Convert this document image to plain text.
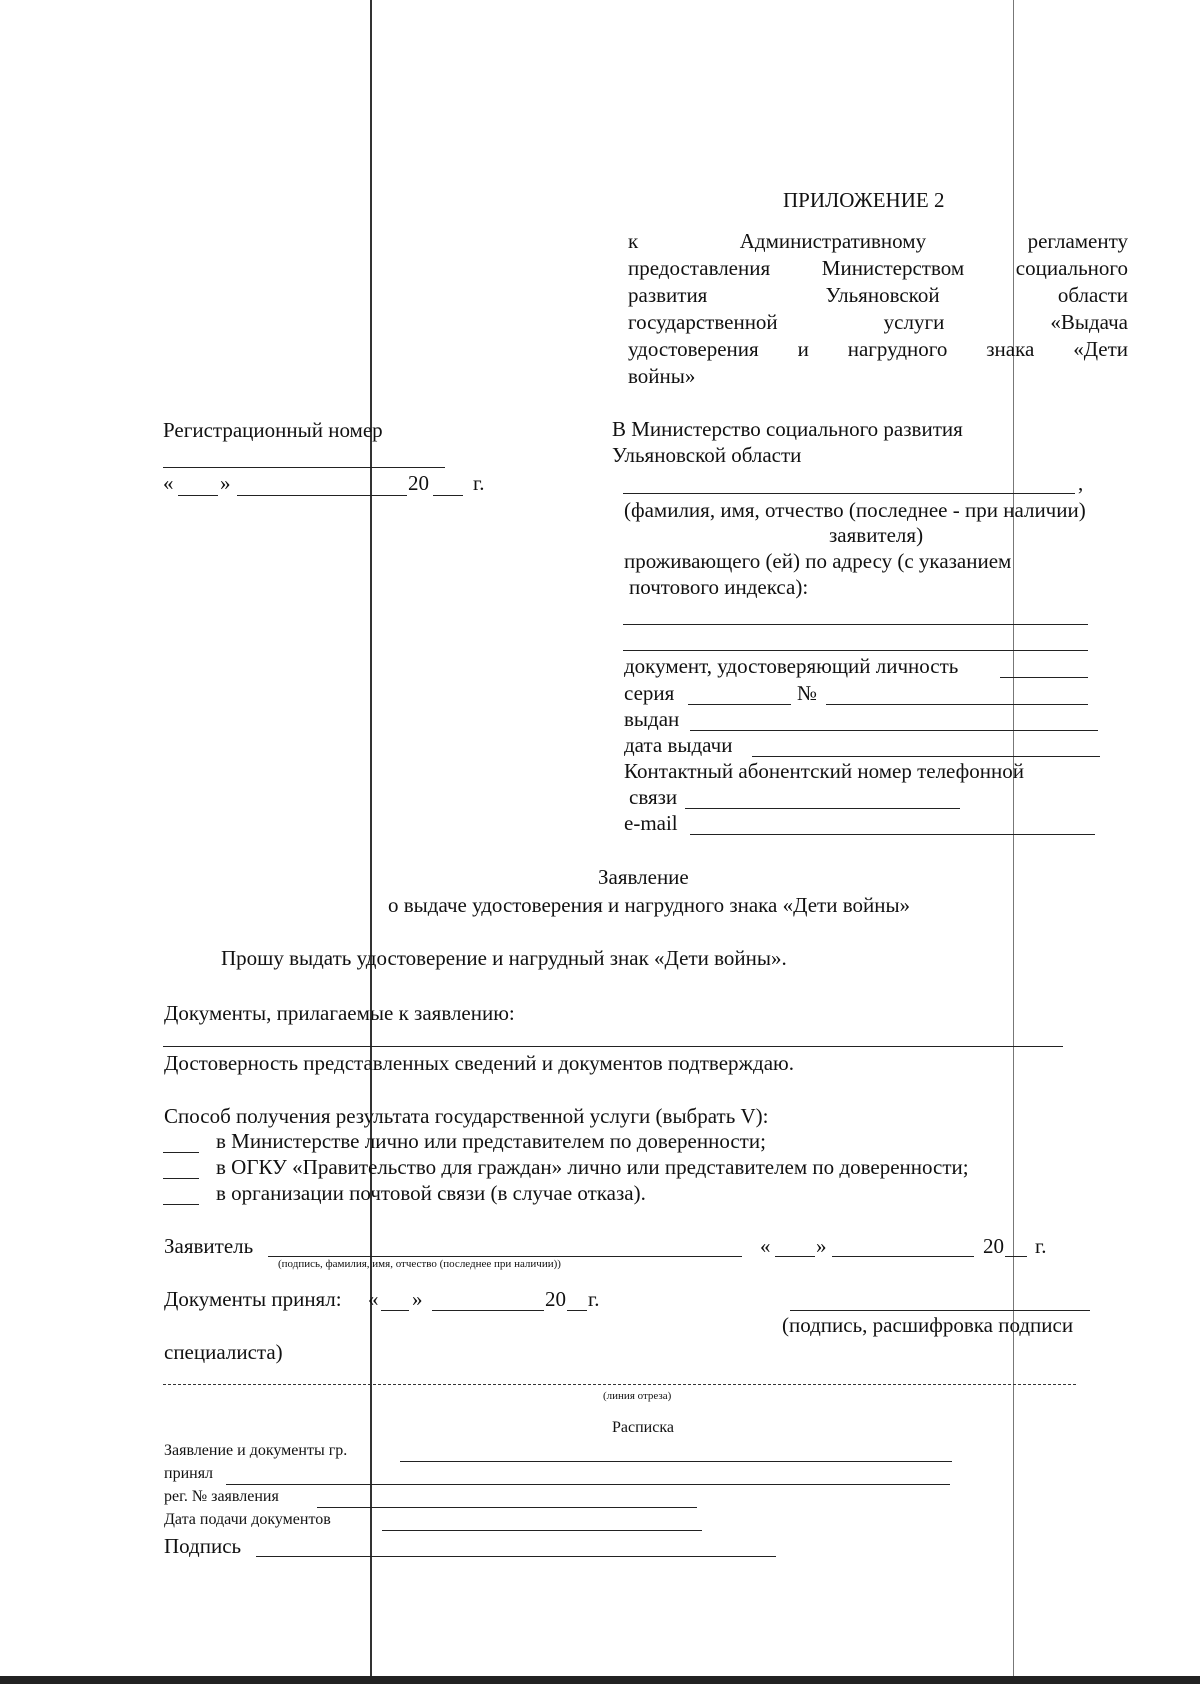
ПРИЛОЖЕНИЕ 2
к	Административному	регламенту
предоставления Министерством социального
развития	Ульяновской	области
государственной	услуги	«Выдача
удостоверения и нагрудного знака «Дети
войны»
Регистрационный номер
« »	20 г.
В Министерство социального развития
Ульяновской области
,
(фамилия, имя, отчество (последнее - при наличии)
заявителя)
проживающего (ей) по адресу (с указанием
почтового индекса):
документ, удостоверяющий личность
серия	№
выдан
дата выдачи
Контактный абонентский номер телефонной
связи
e-mail
Заявление
о выдаче удостоверения и нагрудного знака «Дети войны»
Прошу выдать удостоверение и нагрудный знак «Дети войны».
Документы, прилагаемые к заявлению:
Достоверность представленных сведений и документов подтверждаю.
Способ получения результата государственной услуги (выбрать V):
в Министерстве лично или представителем по доверенности;
в ОГКУ «Правительство для граждан» лично или представителем по доверенности;
в организации почтовой связи (в случае отказа).
Заявитель
(подпись, фамилия, имя, отчество (последнее при наличии))
« »	20 г.
Документы принял: « »	20 г.
(подпись, расшифровка подписи
специалиста)
(линия отреза)
Расписка
Заявление и документы гр.
принял
рег. № заявления
Дата подачи документов
Подпись
